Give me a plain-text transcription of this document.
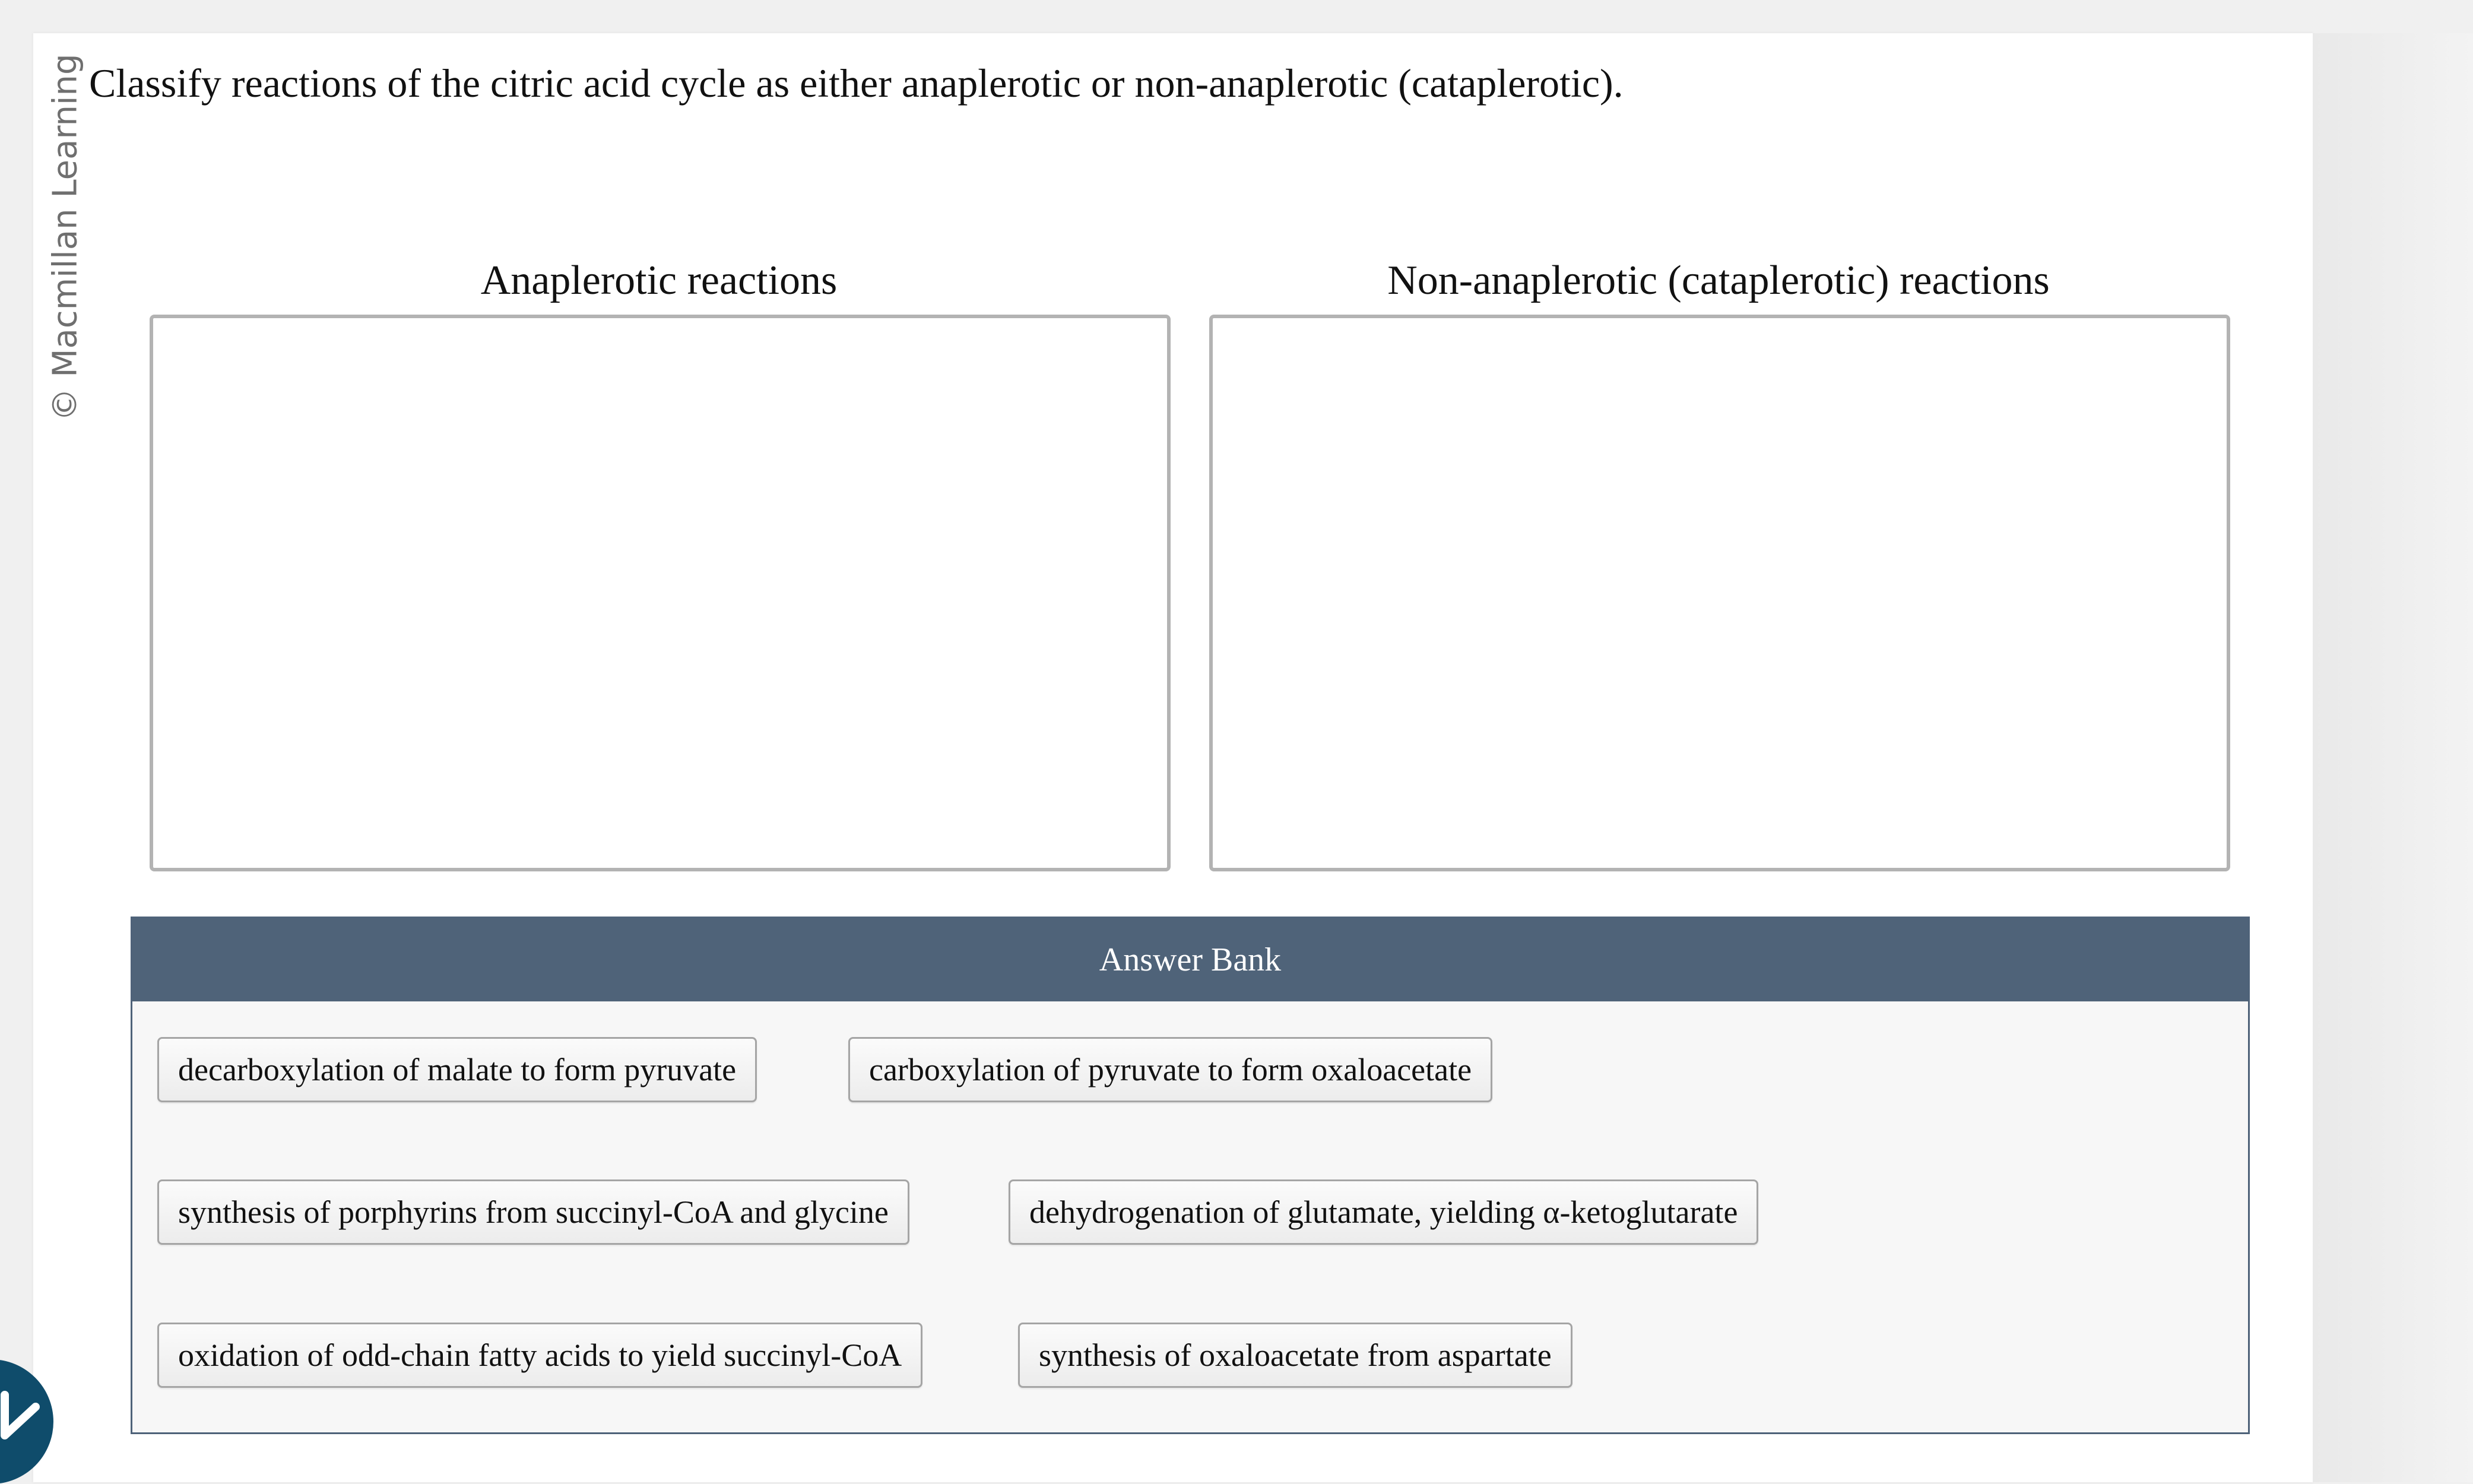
© Macmillan Learning Classify reactions of the citric acid cycle as either anaplerotic or non-anaplerotic (cataplerotic).
Anaplerotic reactions	Non-anaplerotic (cataplerotic) reactions
Answer Bank
decarboxylation of malate to form pyruvate	carboxylation of pyruvate to form oxaloacetate
synthesis of porphyrins from succinyl-CoA and glycine	dehydrogenation of glutamate, yielding α-ketoglutarate
oxidation of odd-chain fatty acids to yield succinyl-CoA	synthesis of oxaloacetate from aspartate
